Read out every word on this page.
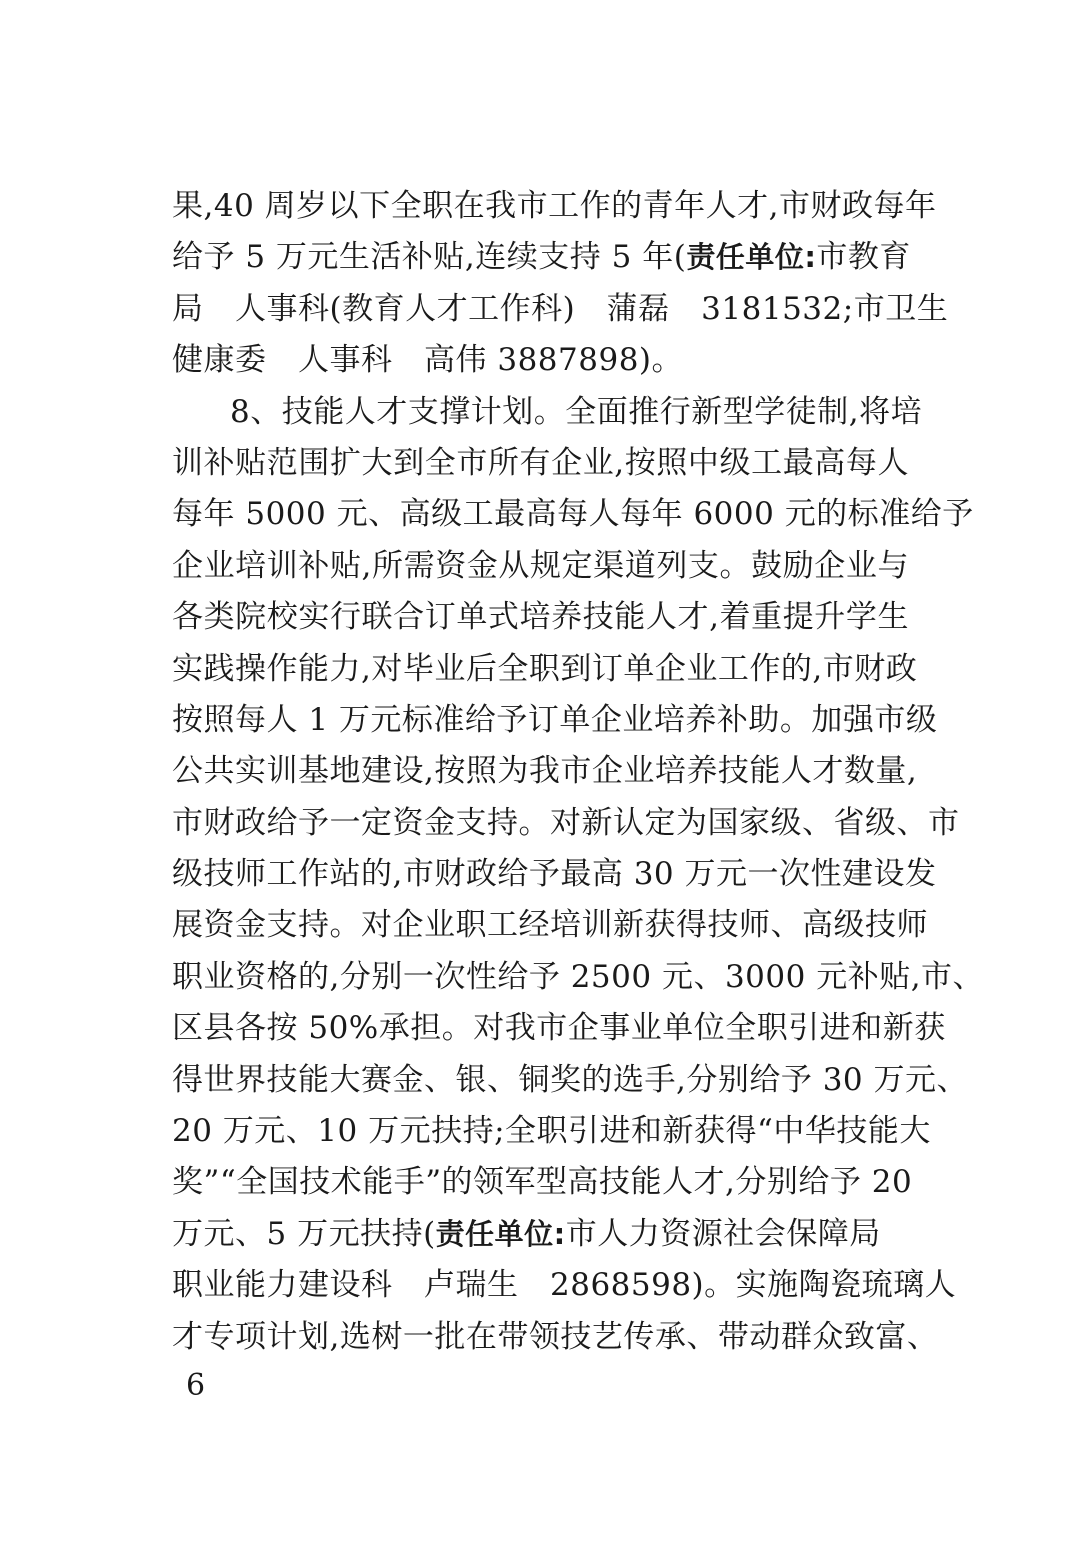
果,40 周岁以下全职在我市工作的青年人才,市财政每年
给予 5 万元生活补贴,连续支持 5 年(责任单位:市教育
局　人事科(教育人才工作科)　蒲磊　3181532;市卫生
健康委　人事科　高伟 3887898)。
8、技能人才支撑计划。全面推行新型学徒制,将培
训补贴范围扩大到全市所有企业,按照中级工最高每人
每年 5000 元、高级工最高每人每年 6000 元的标准给予
企业培训补贴,所需资金从规定渠道列支。鼓励企业与
各类院校实行联合订单式培养技能人才,着重提升学生
实践操作能力,对毕业后全职到订单企业工作的,市财政
按照每人 1 万元标准给予订单企业培养补助。加强市级
公共实训基地建设,按照为我市企业培养技能人才数量,
市财政给予一定资金支持。对新认定为国家级、省级、市
级技师工作站的,市财政给予最高 30 万元一次性建设发
展资金支持。对企业职工经培训新获得技师、高级技师
职业资格的,分别一次性给予 2500 元、3000 元补贴,市、
区县各按 50%承担。对我市企事业单位全职引进和新获
得世界技能大赛金、银、铜奖的选手,分别给予 30 万元、
20 万元、10 万元扶持;全职引进和新获得“中华技能大
奖”“全国技术能手”的领军型高技能人才,分别给予 20
万元、5 万元扶持(责任单位:市人力资源社会保障局
职业能力建设科　卢瑞生　2868598)。实施陶瓷琉璃人
才专项计划,选树一批在带领技艺传承、带动群众致富、
6
